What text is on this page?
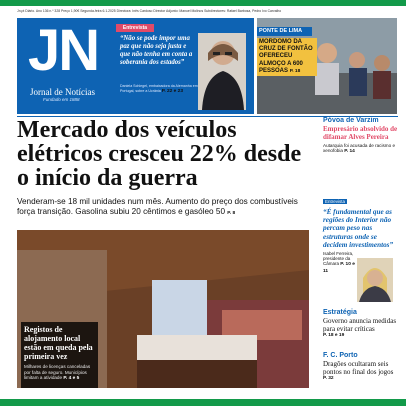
Jn.pt Diário. Ano 136 n.º 328 Preço 1,90€ Segunda-feira 6.1.2025 Directora: Inês Cardoso Director Adjunto: Manuel Molinos Subdirectores: Rafael Barbosa, Pedro Ivo Carvalho
JN
Jornal de Notícias
Fundado em 1888
Entrevista
“Não se pode impor uma paz que não seja justa e que não tenha em conta a soberania dos estados”
Daniela Schlegel, embaixadora da Alemanha em Portugal, sobre a Ucrânia P. 22 e 23
PONTE DE LIMA
MORDOMO DA CRUZ DE FONTÃO OFERECEU ALMOÇO A 600 PESSOAS P. 18
Mercado dos veículos elétricos cresceu 22% desde o início da guerra
Venderam-se 18 mil unidades num mês. Aumento do preço dos combustíveis força transição. Gasolina subiu 20 cêntimos e gasóleo 50 P. 8
Registos de alojamento local estão em queda pela primeira vez
Milhares de licenças canceladas por falta de seguro. Municípios limitam a atividade P. 4 e 5
Póvoa de Varzim
Empresário absolvido de difamar Alves Pereira
Autarquia foi acusada de racismo e xenofobia P. 14
Entrevista
“É fundamental que as regiões do Interior não percam peso nas estruturas onde se decidem investimentos”
Isabel Ferreira, presidente da Câmara P. 10 e 11
Estratégia
Governo anuncia medidas para evitar críticas
P. 18 e 19
F. C. Porto
Dragões ocultaram seis pontos no final dos jogos
P. 32
